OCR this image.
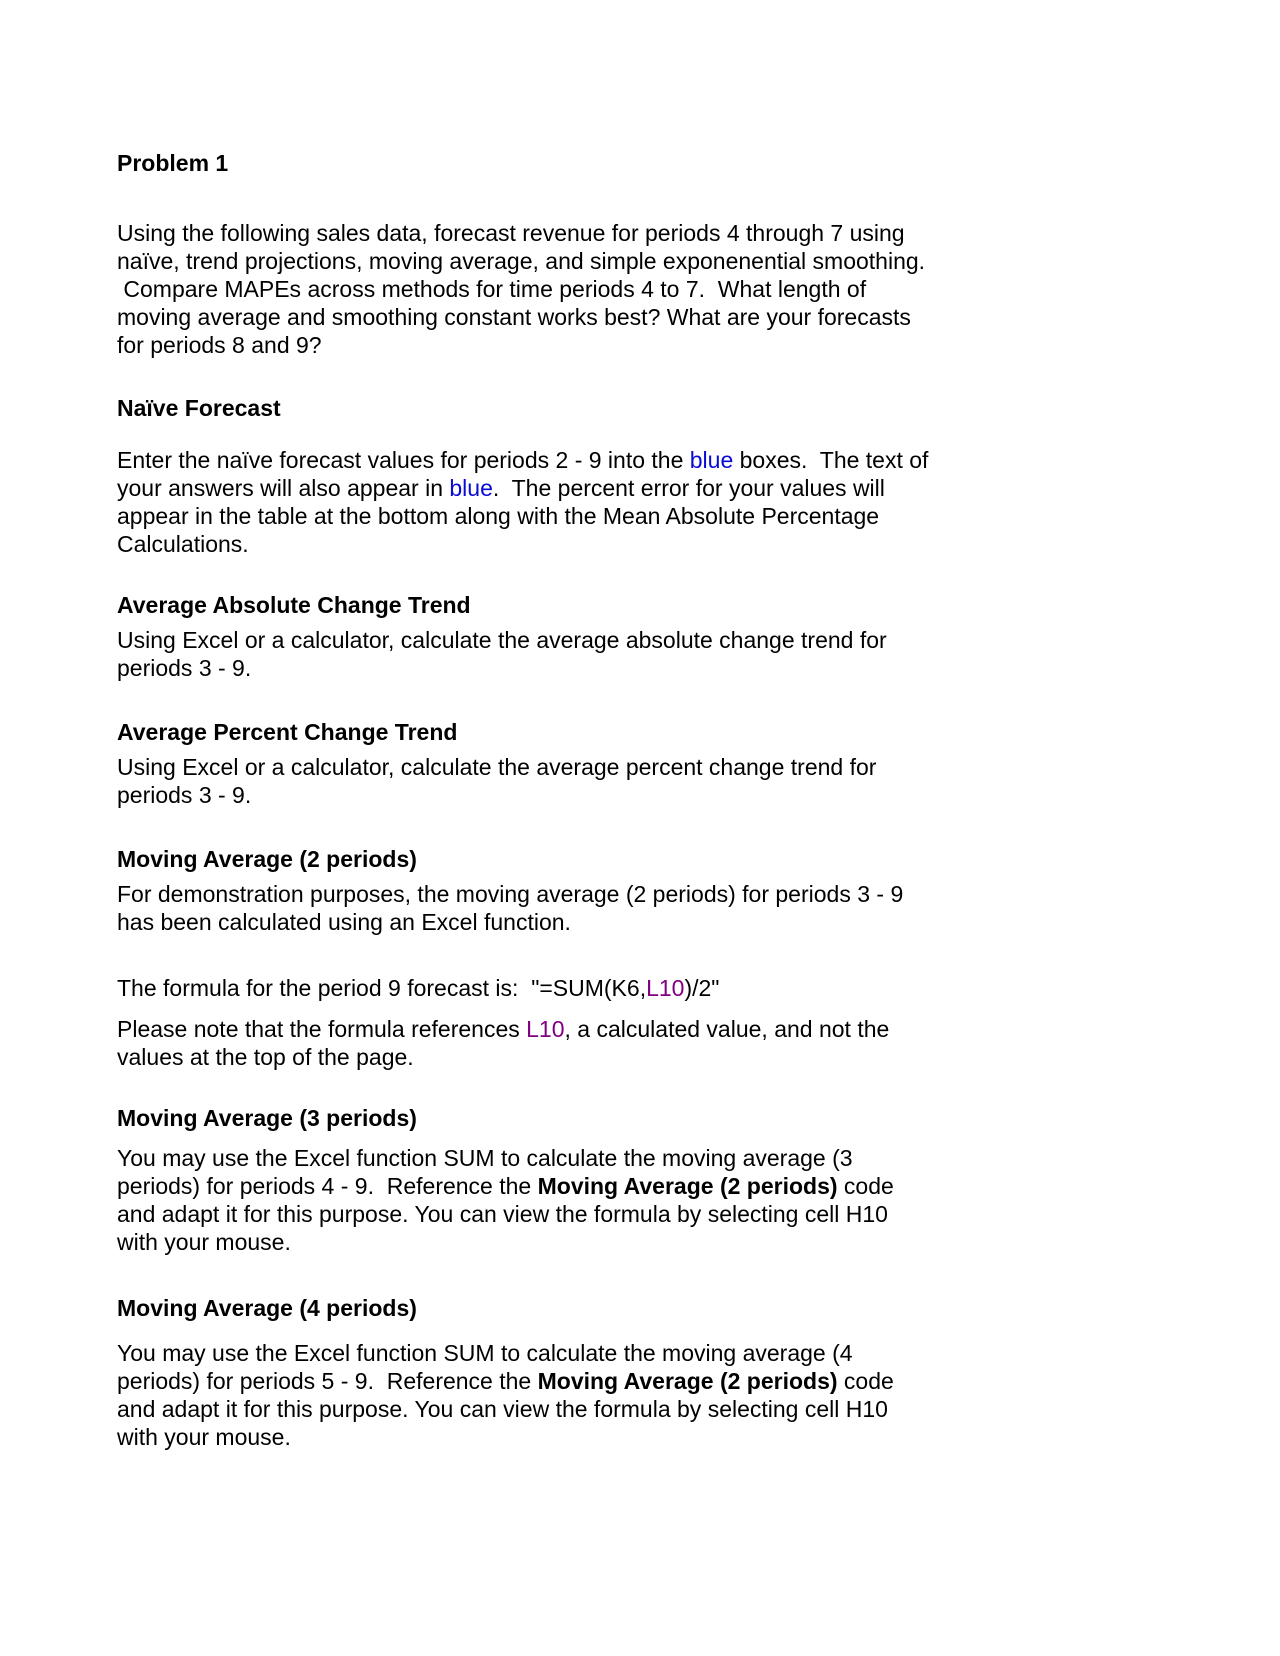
Problem 1
Using the following sales data, forecast revenue for periods 4 through 7 using
naïve, trend projections, moving average, and simple exponenential smoothing.
Compare MAPEs across methods for time periods 4 to 7.  What length of
moving average and smoothing constant works best? What are your forecasts
for periods 8 and 9?
Naïve Forecast
Enter the naïve forecast values for periods 2 - 9 into the blue boxes.  The text of
your answers will also appear in blue.  The percent error for your values will
appear in the table at the bottom along with the Mean Absolute Percentage
Calculations.
Average Absolute Change Trend
Using Excel or a calculator, calculate the average absolute change trend for
periods 3 - 9.
Average Percent Change Trend
Using Excel or a calculator, calculate the average percent change trend for
periods 3 - 9.
Moving Average (2 periods)
For demonstration purposes, the moving average (2 periods) for periods 3 - 9
has been calculated using an Excel function.
The formula for the period 9 forecast is:  "=SUM(K6,L10)/2"
Please note that the formula references L10, a calculated value, and not the
values at the top of the page.
Moving Average (3 periods)
You may use the Excel function SUM to calculate the moving average (3
periods) for periods 4 - 9.  Reference the Moving Average (2 periods) code
and adapt it for this purpose. You can view the formula by selecting cell H10
with your mouse.
Moving Average (4 periods)
You may use the Excel function SUM to calculate the moving average (4
periods) for periods 5 - 9.  Reference the Moving Average (2 periods) code
and adapt it for this purpose. You can view the formula by selecting cell H10
with your mouse.
